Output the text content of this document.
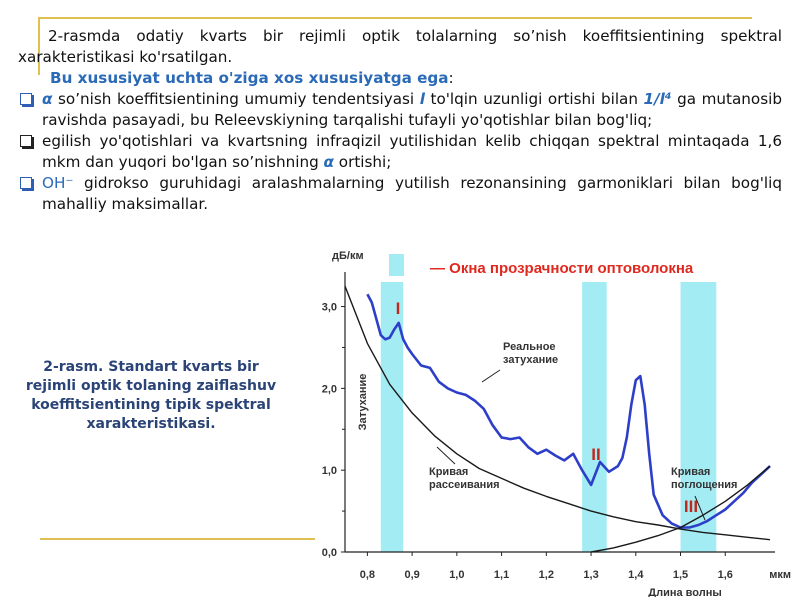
2-rasmda odatiy kvarts bir rejimli optik tolalarning so’nish koeffitsientining spektral xarakteristikasi ko'rsatilgan.

Bu xususiyat uchta o'ziga xos xususiyatga ega:

α so’nish koeffitsientining umumiy tendentsiyasi l to'lqin uzunligi ortishi bilan 1/l⁴ ga mutanosib ravishda pasayadi, bu Releevskiyning tarqalishi tufayli yo'qotishlar bilan bog'liq;

egilish yo'qotishlari va kvartsning infraqizil yutilishidan kelib chiqqan spektral mintaqada 1,6 mkm dan yuqori bo'lgan so’nishning α ortishi;

OH⁻ gidrokso guruhidagi aralashmalarning yutilish rezonansining garmoniklari bilan bog'liq mahalliy maksimallar.

2-rasm. Standart kvarts bir rejimli optik tolaning zaiflashuv koeffitsientining tipik spektral xarakteristikasi.
0,0
1,0
2,0
3,0
0,8	0,9	1,0	1,1	1,2	1,3	1,4	1,5	1,6
— Окна прозрачности оптоволокна
дБ/км
Затухание
мкм
Длина волны
I
II
III
Реальное затухание
Кривая рассеивания
Кривая поглощения
